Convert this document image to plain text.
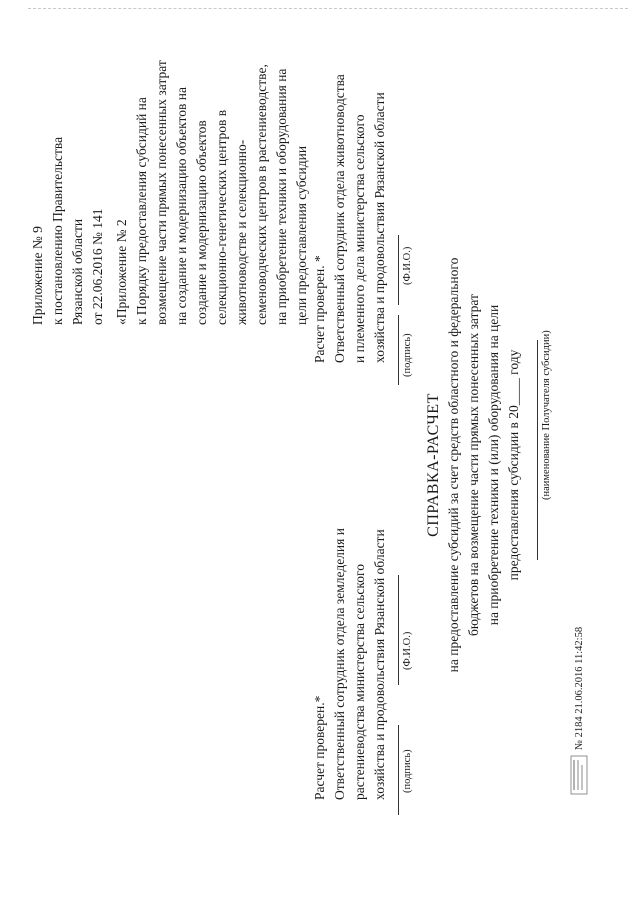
Приложение № 9 к постановлению Правительства Рязанской области от 22.06.2016 № 141 «Приложение № 2 к Порядку предоставления субсидий на возмещение части прямых понесенных затрат на создание и модернизацию объектов на создание и модернизацию объектов селекционно-генетических центров в животноводстве и селекционно- семеноводческих центров в растениеводстве, на приобретение техники и оборудования на цели предоставления субсидии Расчет проверен. * Ответственный сотрудник отдела животноводства и племенного дела министерства сельского хозяйства и продовольствия Рязанской области (подпись)
(Ф.И.О.)
Расчет проверен.* Ответственный сотрудник отдела земледелия и растениеводства министерства сельского хозяйства и продовольствия Рязанской области (подпись)
(Ф.И.О.)
СПРАВКА-РАСЧЕТ на предоставление субсидий за счет средств областного и федерального бюджетов на возмещение части прямых понесенных затрат на приобретение техники и (или) оборудования на цели предоставления субсидии в 20____ году (наименование Получателя субсидии)
№ 2184 21.06.2016 11:42:58
